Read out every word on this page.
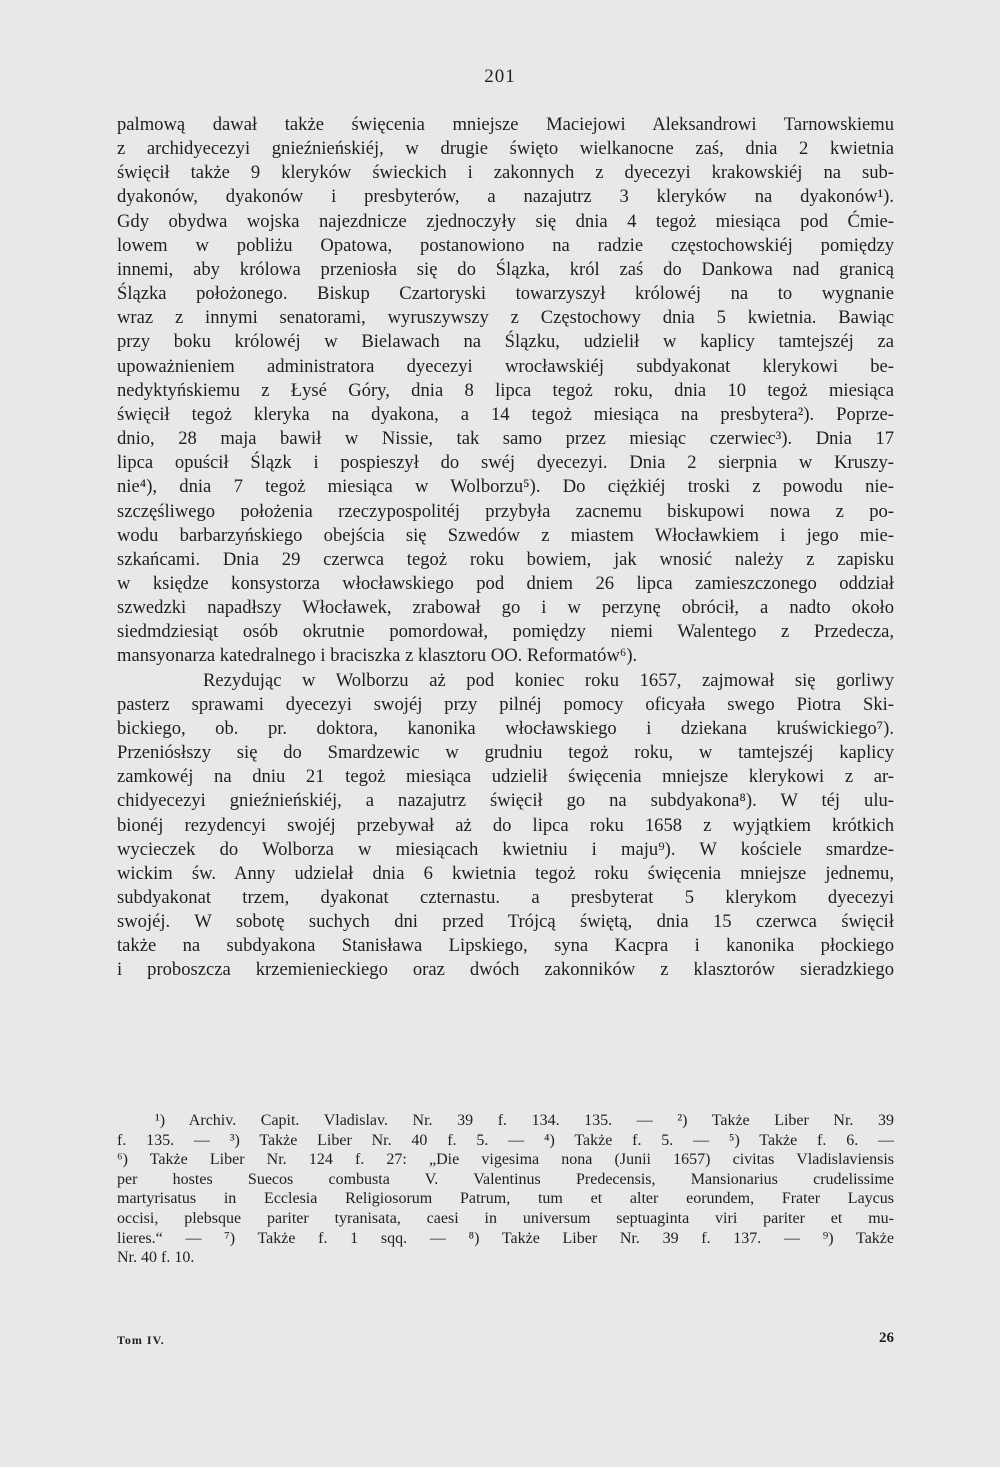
201

palmową dawał także święcenia mniejsze Maciejowi Aleksandrowi Tarnowskiemu
z archidyecezyi gnieźnieńskiéj, w drugie święto wielkanocne zaś, dnia 2 kwietnia
święcił także 9 kleryków świeckich i zakonnych z dyecezyi krakowskiéj na sub-
dyakonów, dyakonów i presbyterów, a nazajutrz 3 kleryków na dyakonów¹).
Gdy obydwa wojska najezdnicze zjednoczyły się dnia 4 tegoż miesiąca pod Ćmie-
lowem w pobliżu Opatowa, postanowiono na radzie częstochowskiéj pomiędzy
innemi, aby królowa przeniosła się do Ślązka, król zaś do Dankowa nad granicą
Ślązka położonego. Biskup Czartoryski towarzyszył królowéj na to wygnanie
wraz z innymi senatorami, wyruszywszy z Częstochowy dnia 5 kwietnia. Bawiąc
przy boku królowéj w Bielawach na Ślązku, udzielił w kaplicy tamtejszéj za
upoważnieniem administratora dyecezyi wrocławskiéj subdyakonat klerykowi be-
nedyktyńskiemu z Łysé Góry, dnia 8 lipca tegoż roku, dnia 10 tegoż miesiąca
święcił tegoż kleryka na dyakona, a 14 tegoż miesiąca na presbytera²). Poprze-
dnio, 28 maja bawił w Nissie, tak samo przez miesiąc czerwiec³). Dnia 17
lipca opuścił Ślązk i pospieszył do swéj dyecezyi. Dnia 2 sierpnia w Kruszy-
nie⁴), dnia 7 tegoż miesiąca w Wolborzu⁵). Do ciężkiéj troski z powodu nie-
szczęśliwego położenia rzeczypospolitéj przybyła zacnemu biskupowi nowa z po-
wodu barbarzyńskiego obejścia się Szwedów z miastem Włocławkiem i jego mie-
szkańcami. Dnia 29 czerwca tegoż roku bowiem, jak wnosić należy z zapisku
w księdze konsystorza włocławskiego pod dniem 26 lipca zamieszczonego oddział
szwedzki napadłszy Włocławek, zrabował go i w perzynę obrócił, a nadto około
siedmdziesiąt osób okrutnie pomordował, pomiędzy niemi Walentego z Przedecza,

mansyonarza katedralnego i braciszka z klasztoru OO. Reformatów⁶).

Rezydując w Wolborzu aż pod koniec roku 1657, zajmował się gorliwy
pasterz sprawami dyecezyi swojéj przy pilnéj pomocy oficyała swego Piotra Ski-
bickiego, ob. pr. doktora, kanonika włocławskiego i dziekana kruświckiego⁷).
Przeniósłszy się do Smardzewic w grudniu tegoż roku, w tamtejszéj kaplicy
zamkowéj na dniu 21 tegoż miesiąca udzielił święcenia mniejsze klerykowi z ar-
chidyecezyi gnieźnieńskiéj, a nazajutrz święcił go na subdyakona⁸). W téj ulu-
bionéj rezydencyi swojéj przebywał aż do lipca roku 1658 z wyjątkiem krótkich
wycieczek do Wolborza w miesiącach kwietniu i maju⁹). W kościele smardze-
wickim św. Anny udzielał dnia 6 kwietnia tegoż roku święcenia mniejsze jednemu,
subdyakonat trzem, dyakonat czternastu. a presbyterat 5 klerykom dyecezyi
swojéj. W sobotę suchych dni przed Trójcą świętą, dnia 15 czerwca święcił
także na subdyakona Stanisława Lipskiego, syna Kacpra i kanonika płockiego
i proboszcza krzemienieckiego oraz dwóch zakonników z klasztorów sieradzkiego

¹) Archiv. Capit. Vladislav. Nr. 39 f. 134. 135. — ²) Także Liber Nr. 39
f. 135. — ³) Także Liber Nr. 40 f. 5. — ⁴) Także f. 5. — ⁵) Także f. 6. —
⁶) Także Liber Nr. 124 f. 27: „Die vigesima nona (Junii 1657) civitas Vladislaviensis
per hostes Suecos combusta V. Valentinus Predecensis, Mansionarius crudelissime
martyrisatus in Ecclesia Religiosorum Patrum, tum et alter eorundem, Frater Laycus
occisi, plebsque pariter tyranisata, caesi in universum septuaginta viri pariter et mu-
lieres.“ — ⁷) Także f. 1 sqq. — ⁸) Także Liber Nr. 39 f. 137. — ⁹) Także

Nr. 40 f. 10.

Tom IV.	26
